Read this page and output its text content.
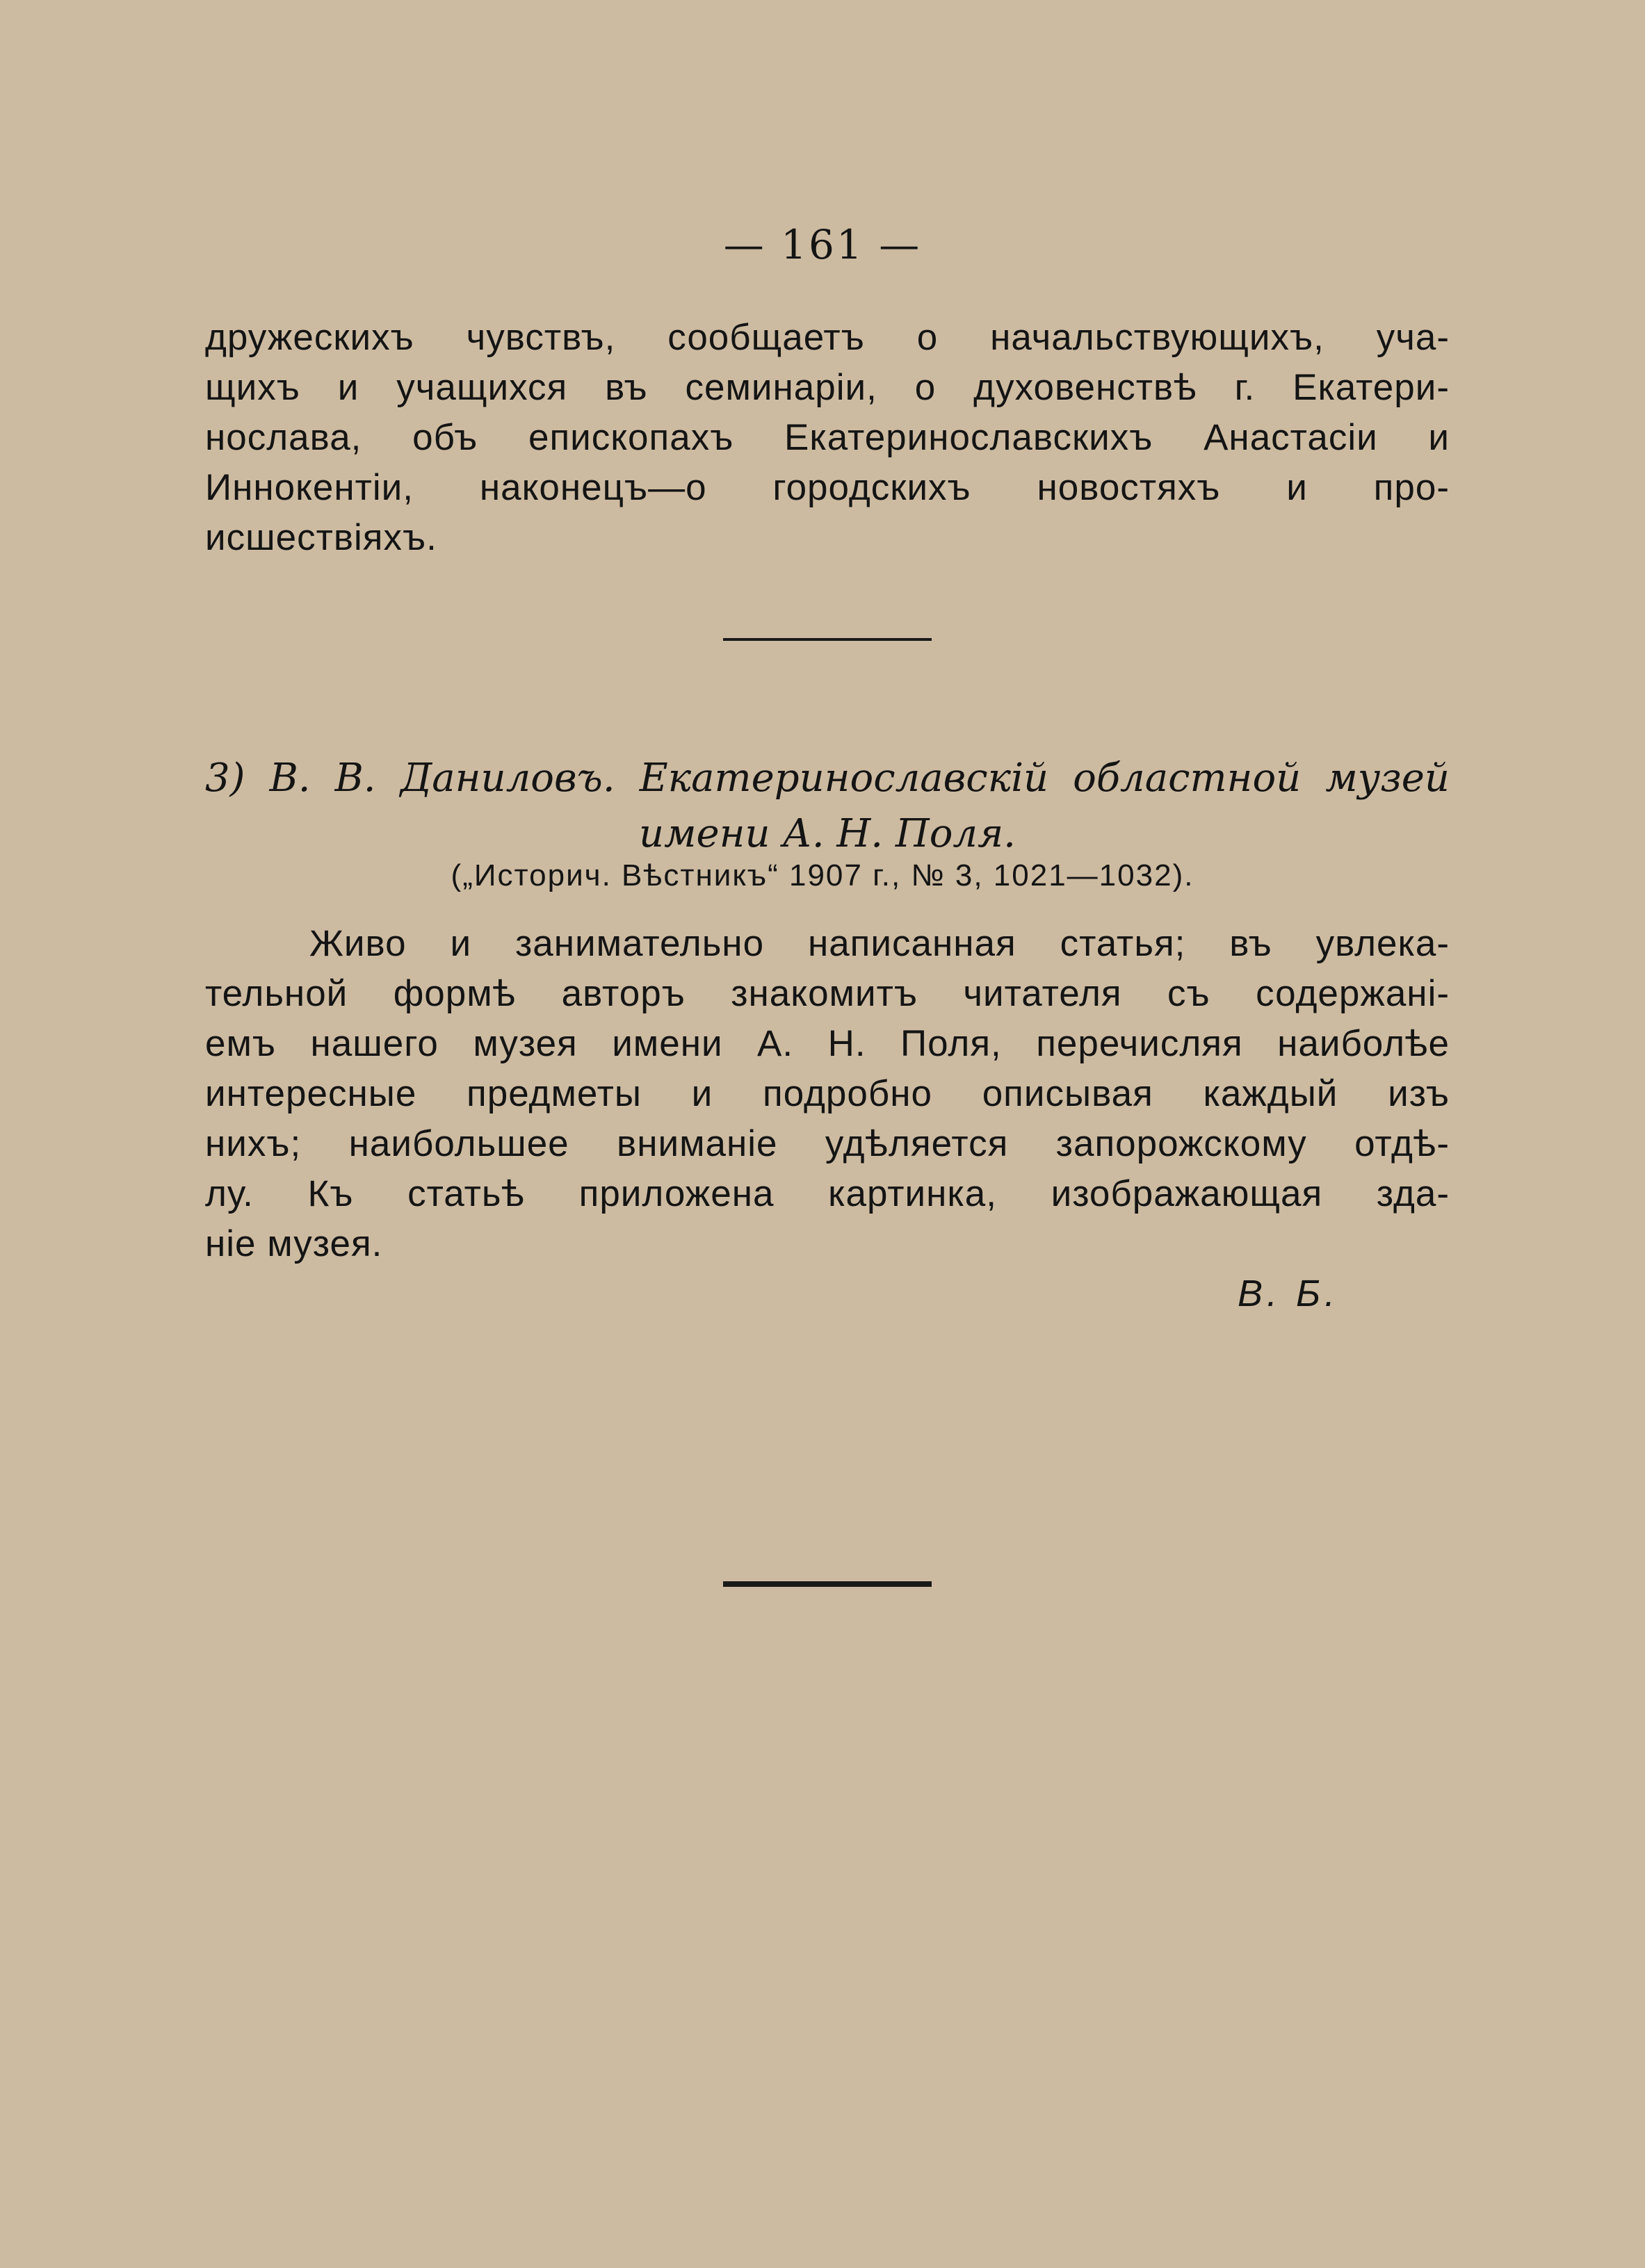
— 161 —
дружескихъ чувствъ, сообщаетъ о начальствующихъ, уча-
щихъ и учащихся въ семинаріи, о духовенствѣ г. Екатери-
нослава, объ епископахъ Екатеринославскихъ Анастасіи и
Иннокентіи, наконецъ—о городскихъ новостяхъ и про-
исшествіяхъ.
3) В. В. Даниловъ. Екатеринославскій областной музей
имени А. Н. Поля.
(„Историч. Вѣстникъ“ 1907 г., № 3, 1021—1032).
Живо и занимательно написанная статья; въ увлека-
тельной формѣ авторъ знакомитъ читателя съ содержані-
емъ нашего музея имени А. Н. Поля, перечисляя наиболѣе
интересные предметы и подробно описывая каждый изъ
нихъ; наибольшее вниманіе удѣляется запорожскому отдѣ-
лу. Къ статьѣ приложена картинка, изображающая зда-
ніе музея.
В. Б.
